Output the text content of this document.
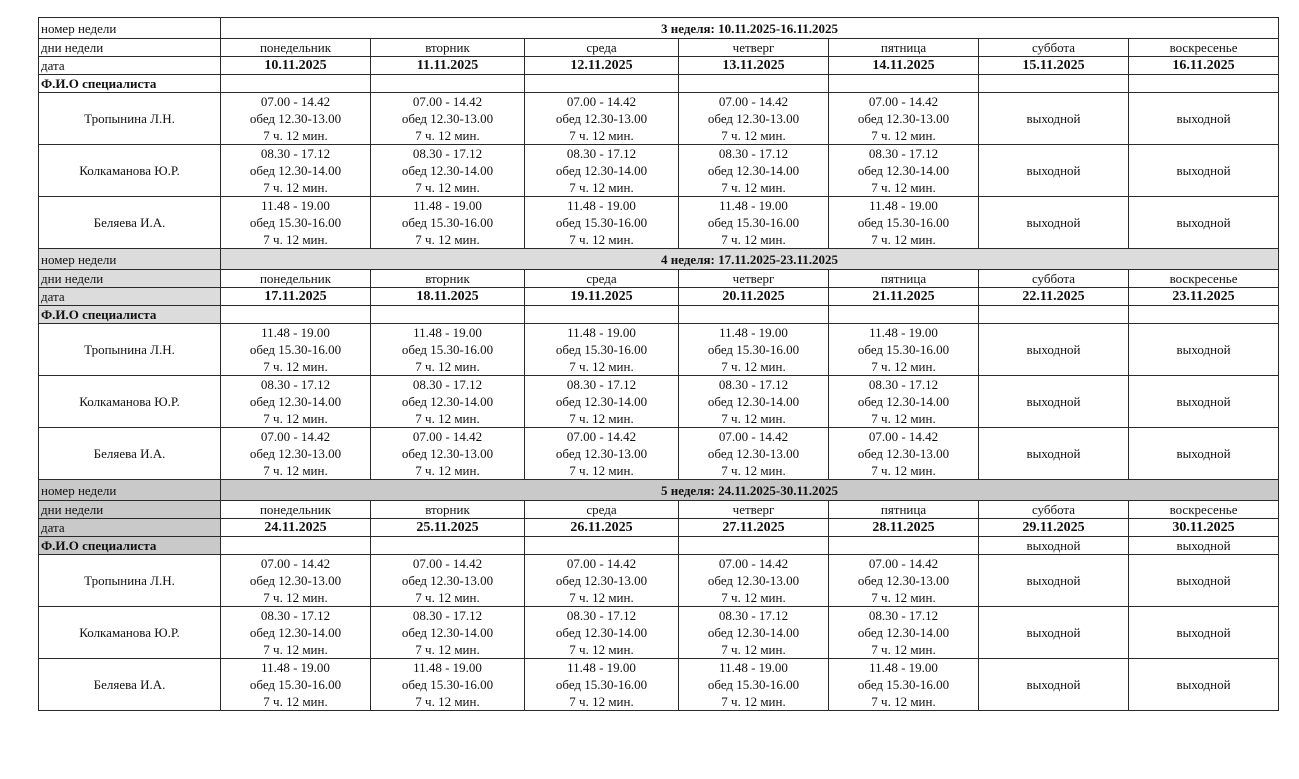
номер недели	3 неделя: 10.11.2025-16.11.2025						
дни недели	понедельник	вторник	среда	четверг	пятница	суббота	воскресенье
дата	10.11.2025	11.11.2025	12.11.2025	13.11.2025	14.11.2025	15.11.2025	16.11.2025
Ф.И.О специалиста							
Тропынина Л.Н.	07.00 - 14.42
обед 12.30-13.00
7 ч. 12 мин.	07.00 - 14.42
обед 12.30-13.00
7 ч. 12 мин.	07.00 - 14.42
обед 12.30-13.00
7 ч. 12 мин.	07.00 - 14.42
обед 12.30-13.00
7 ч. 12 мин.	07.00 - 14.42
обед 12.30-13.00
7 ч. 12 мин.	выходной	выходной
Колкаманова Ю.Р.	08.30 - 17.12
обед 12.30-14.00
7 ч. 12 мин.	08.30 - 17.12
обед 12.30-14.00
7 ч. 12 мин.	08.30 - 17.12
обед 12.30-14.00
7 ч. 12 мин.	08.30 - 17.12
обед 12.30-14.00
7 ч. 12 мин.	08.30 - 17.12
обед 12.30-14.00
7 ч. 12 мин.	выходной	выходной
Беляева И.А.	11.48 - 19.00
обед 15.30-16.00
7 ч. 12 мин.	11.48 - 19.00
обед 15.30-16.00
7 ч. 12 мин.	11.48 - 19.00
обед 15.30-16.00
7 ч. 12 мин.	11.48 - 19.00
обед 15.30-16.00
7 ч. 12 мин.	11.48 - 19.00
обед 15.30-16.00
7 ч. 12 мин.	выходной	выходной
номер недели	4 неделя: 17.11.2025-23.11.2025						
дни недели	понедельник	вторник	среда	четверг	пятница	суббота	воскресенье
дата	17.11.2025	18.11.2025	19.11.2025	20.11.2025	21.11.2025	22.11.2025	23.11.2025
Ф.И.О специалиста							
Тропынина Л.Н.	11.48 - 19.00
обед 15.30-16.00
7 ч. 12 мин.	11.48 - 19.00
обед 15.30-16.00
7 ч. 12 мин.	11.48 - 19.00
обед 15.30-16.00
7 ч. 12 мин.	11.48 - 19.00
обед 15.30-16.00
7 ч. 12 мин.	11.48 - 19.00
обед 15.30-16.00
7 ч. 12 мин.	выходной	выходной
Колкаманова Ю.Р.	08.30 - 17.12
обед 12.30-14.00
7 ч. 12 мин.	08.30 - 17.12
обед 12.30-14.00
7 ч. 12 мин.	08.30 - 17.12
обед 12.30-14.00
7 ч. 12 мин.	08.30 - 17.12
обед 12.30-14.00
7 ч. 12 мин.	08.30 - 17.12
обед 12.30-14.00
7 ч. 12 мин.	выходной	выходной
Беляева И.А.	07.00 - 14.42
обед 12.30-13.00
7 ч. 12 мин.	07.00 - 14.42
обед 12.30-13.00
7 ч. 12 мин.	07.00 - 14.42
обед 12.30-13.00
7 ч. 12 мин.	07.00 - 14.42
обед 12.30-13.00
7 ч. 12 мин.	07.00 - 14.42
обед 12.30-13.00
7 ч. 12 мин.	выходной	выходной
номер недели	5 неделя: 24.11.2025-30.11.2025						
дни недели	понедельник	вторник	среда	четверг	пятница	суббота	воскресенье
дата	24.11.2025	25.11.2025	26.11.2025	27.11.2025	28.11.2025	29.11.2025	30.11.2025
Ф.И.О специалиста						выходной	выходной
Тропынина Л.Н.	07.00 - 14.42
обед 12.30-13.00
7 ч. 12 мин.	07.00 - 14.42
обед 12.30-13.00
7 ч. 12 мин.	07.00 - 14.42
обед 12.30-13.00
7 ч. 12 мин.	07.00 - 14.42
обед 12.30-13.00
7 ч. 12 мин.	07.00 - 14.42
обед 12.30-13.00
7 ч. 12 мин.	выходной	выходной
Колкаманова Ю.Р.	08.30 - 17.12
обед 12.30-14.00
7 ч. 12 мин.	08.30 - 17.12
обед 12.30-14.00
7 ч. 12 мин.	08.30 - 17.12
обед 12.30-14.00
7 ч. 12 мин.	08.30 - 17.12
обед 12.30-14.00
7 ч. 12 мин.	08.30 - 17.12
обед 12.30-14.00
7 ч. 12 мин.	выходной	выходной
Беляева И.А.	11.48 - 19.00
обед 15.30-16.00
7 ч. 12 мин.	11.48 - 19.00
обед 15.30-16.00
7 ч. 12 мин.	11.48 - 19.00
обед 15.30-16.00
7 ч. 12 мин.	11.48 - 19.00
обед 15.30-16.00
7 ч. 12 мин.	11.48 - 19.00
обед 15.30-16.00
7 ч. 12 мин.	выходной	выходной
